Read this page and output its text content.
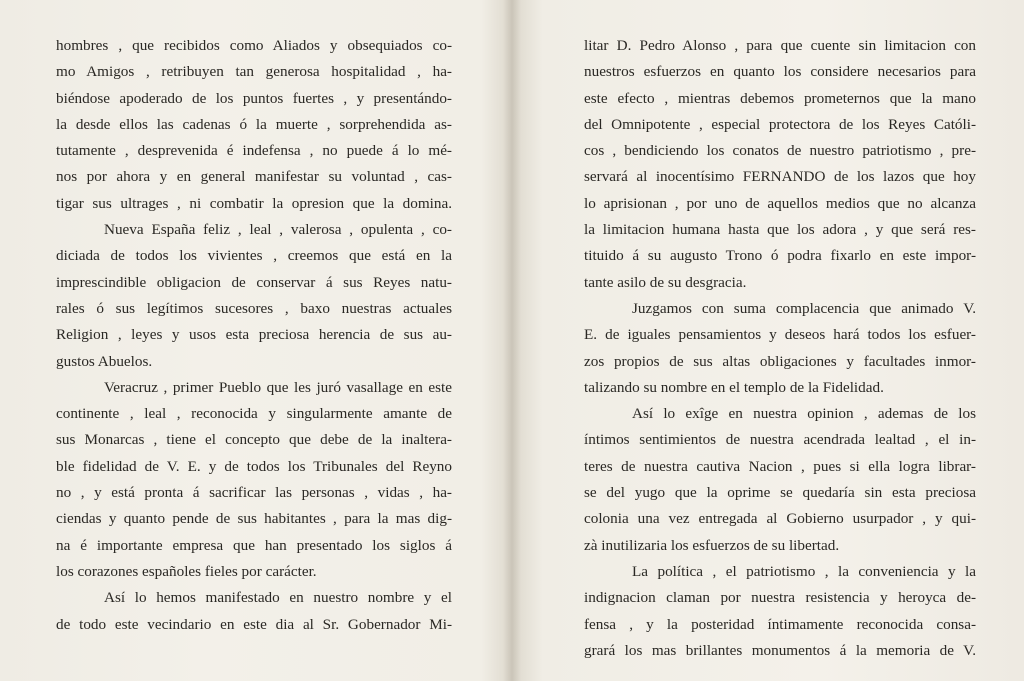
hombres , que recibidos como Aliados y obsequiados co-
mo Amigos , retribuyen tan generosa hospitalidad , ha-
biéndose apoderado de los puntos fuertes , y presentándo-
la desde ellos las cadenas ó la muerte , sorprehendida as-
tutamente , desprevenida é indefensa , no puede á lo mé-
nos por ahora y en general manifestar su voluntad , cas-
tigar sus ultrages , ni combatir la opresion que la domina.
Nueva España feliz , leal , valerosa , opulenta , co-
diciada de todos los vivientes , creemos que está en la
imprescindible obligacion de conservar á sus Reyes natu-
rales ó sus legítimos sucesores , baxo nuestras actuales
Religion , leyes y usos esta preciosa herencia de sus au-
gustos Abuelos.
Veracruz , primer Pueblo que les juró vasallage en este
continente , leal , reconocida y singularmente amante de
sus Monarcas , tiene el concepto que debe de la inaltera-
ble fidelidad de V. E. y de todos los Tribunales del Reyno
no , y está pronta á sacrificar las personas , vidas , ha-
ciendas y quanto pende de sus habitantes , para la mas dig-
na é importante empresa que han presentado los siglos á
los corazones españoles fieles por carácter.
Así lo hemos manifestado en nuestro nombre y el
de todo este vecindario en este dia al Sr. Gobernador Mi-
litar D. Pedro Alonso , para que cuente sin limitacion con
nuestros esfuerzos en quanto los considere necesarios para
este efecto , mientras debemos prometernos que la mano
del Omnipotente , especial protectora de los Reyes Católi-
cos , bendiciendo los conatos de nuestro patriotismo , pre-
servará al inocentísimo FERNANDO de los lazos que hoy
lo aprisionan , por uno de aquellos medios que no alcanza
la limitacion humana hasta que los adora , y que será res-
tituido á su augusto Trono ó podra fixarlo en este impor-
tante asilo de su desgracia.
Juzgamos con suma complacencia que animado V.
E. de iguales pensamientos y deseos hará todos los esfuer-
zos propios de sus altas obligaciones y facultades inmor-
talizando su nombre en el templo de la Fidelidad.
Así lo exîge en nuestra opinion , ademas de los
íntimos sentimientos de nuestra acendrada lealtad , el in-
teres de nuestra cautiva Nacion , pues si ella logra librar-
se del yugo que la oprime se quedaría sin esta preciosa
colonia una vez entregada al Gobierno usurpador , y qui-
zà inutilizaria los esfuerzos de su libertad.
La política , el patriotismo , la conveniencia y la
indignacion claman por nuestra resistencia y heroyca de-
fensa , y la posteridad íntimamente reconocida consa-
grará los mas brillantes monumentos á la memoria de V.
